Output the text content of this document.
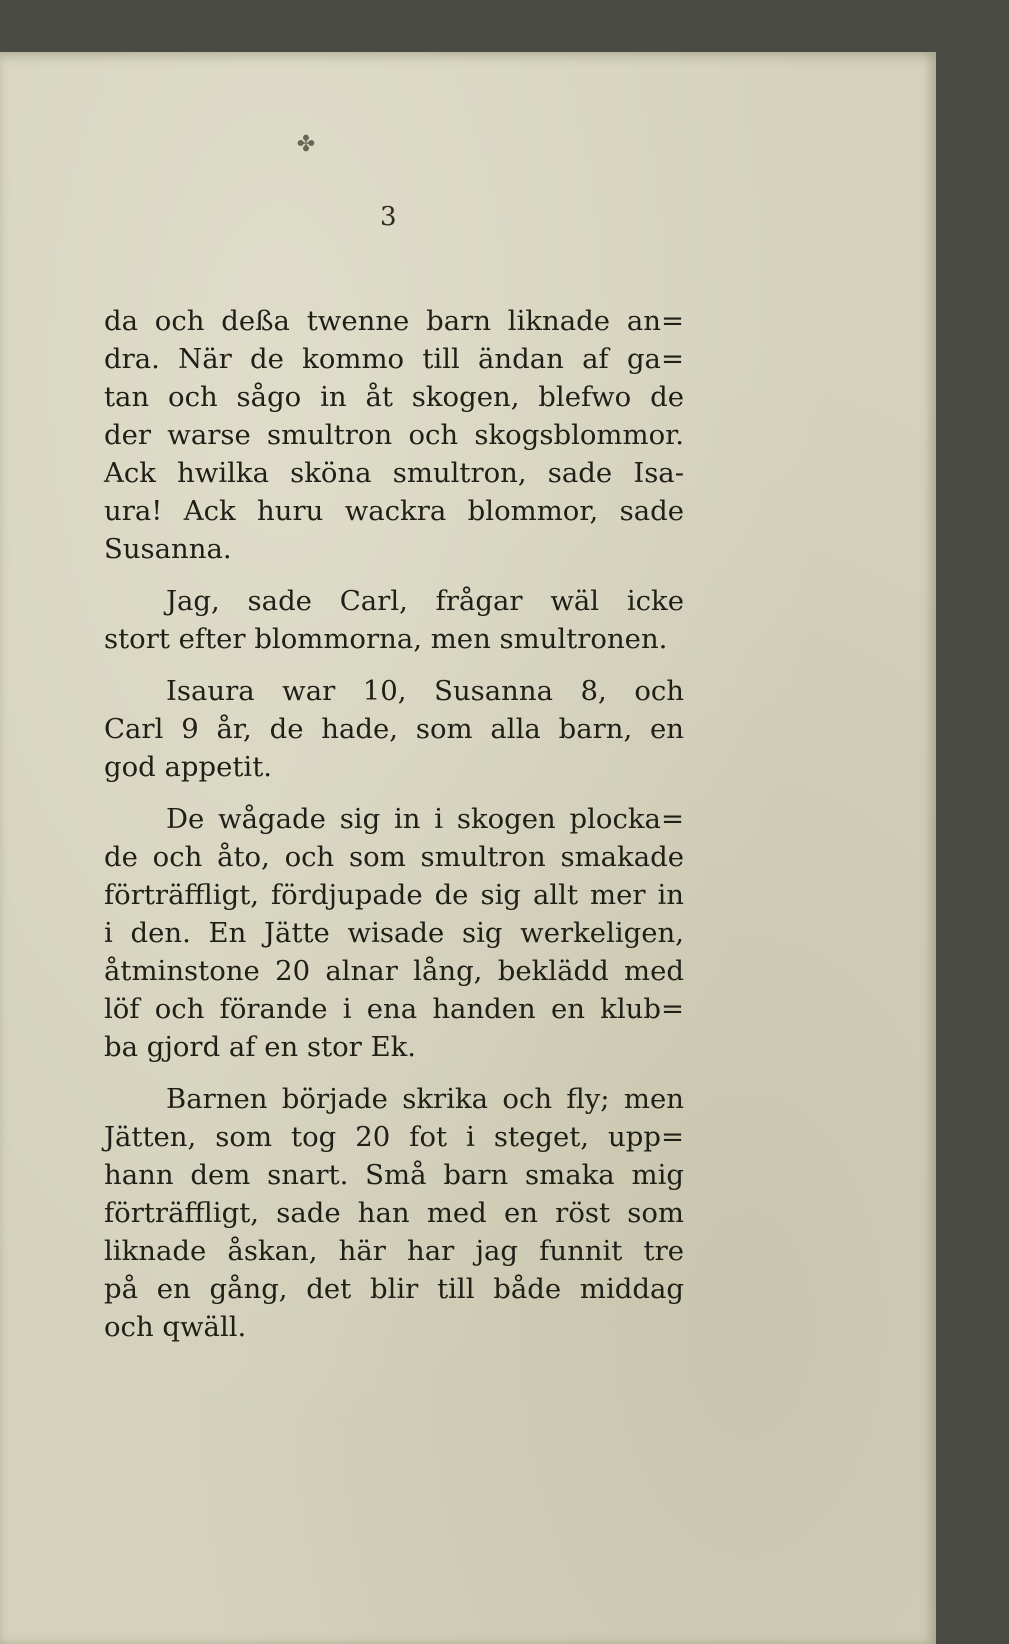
✤
3

da och deßa twenne barn liknade an=
dra. När de kommo till ändan af ga=
tan och sågo in åt skogen, blefwo de
der warse smultron och skogsblommor.
Ack hwilka sköna smultron, sade Isa-
ura! Ack huru wackra blommor, sade
Susanna.

Jag, sade Carl, frågar wäl icke
stort efter blommorna, men smultronen.

Isaura war 10, Susanna 8, och
Carl 9 år, de hade, som alla barn, en
god appetit.

De wågade sig in i skogen plocka=
de och åto, och som smultron smakade
förträffligt, fördjupade de sig allt mer in
i den. En Jätte wisade sig werkeligen,
åtminstone 20 alnar lång, beklädd med
löf och förande i ena handen en klub=
ba gjord af en stor Ek.

Barnen började skrika och fly; men
Jätten, som tog 20 fot i steget, upp=
hann dem snart. Små barn smaka mig
förträffligt, sade han med en röst som
liknade åskan, här har jag funnit tre
på en gång, det blir till både middag
och qwäll.
